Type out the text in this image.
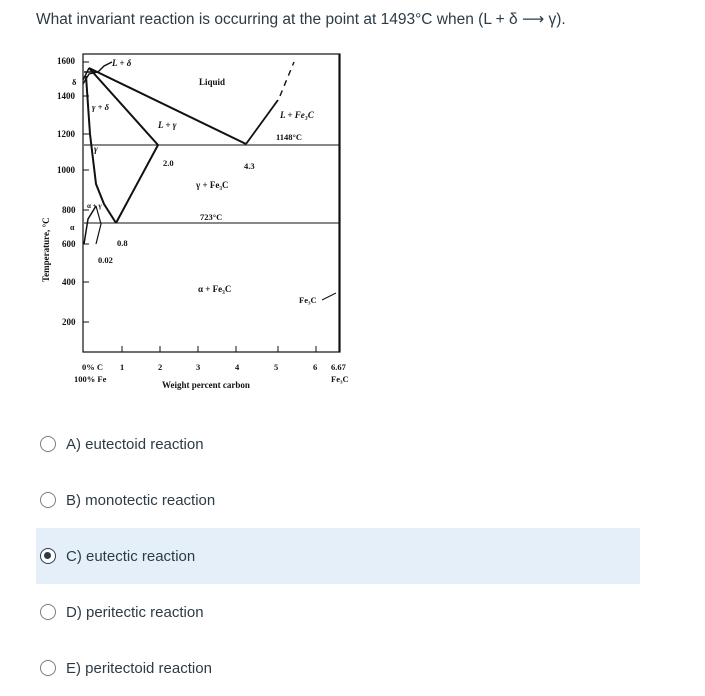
What invariant reaction is occurring at the point at 1493°C when (L + δ ⟶ γ).
1600
1400
1200
1000
800
600
400
200
Temperature, °C
0% C 1	2	3	4	5	6 6.67
100% Fe	Fe₃C
Weight percent carbon
Liquid
L + δ
γ + δ
L + γ
L + Fe₃C
1148°C
γ
2.0	4.3
γ + Fe₃C
723°C
α + Fe₃C
Fe₃C
δ
α
α + γ
0.8
0.02
A) eutectoid reaction
B) monotectic reaction
C) eutectic reaction
D) peritectic reaction
E) peritectoid reaction
